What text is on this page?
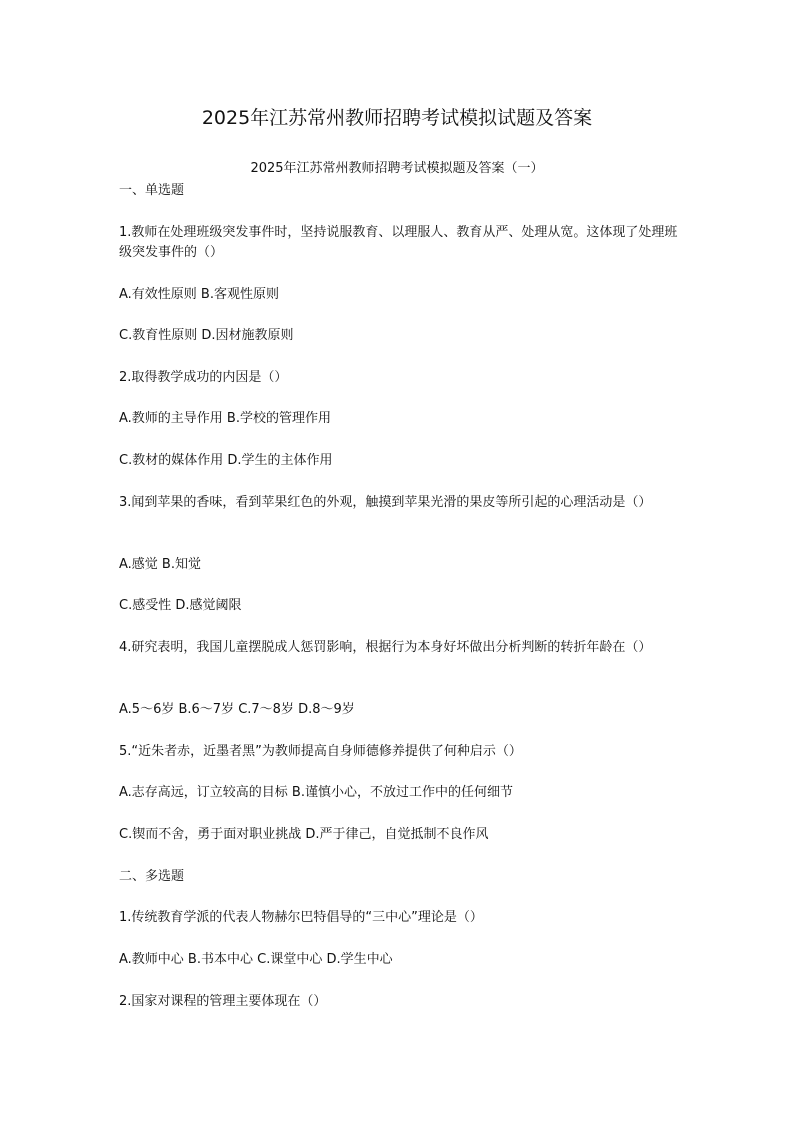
2025年江苏常州教师招聘考试模拟试题及答案
2025年江苏常州教师招聘考试模拟题及答案（一）
一、单选题
1.教师在处理班级突发事件时，坚持说服教育、以理服人、教育从严、处理从宽。这体现了处理班级突发事件的（）
A.有效性原则 B.客观性原则
C.教育性原则 D.因材施教原则
2.取得教学成功的内因是（）
A.教师的主导作用 B.学校的管理作用
C.教材的媒体作用 D.学生的主体作用
3.闻到苹果的香味，看到苹果红色的外观，触摸到苹果光滑的果皮等所引起的心理活动是（）
A.感觉 B.知觉
C.感受性 D.感觉阈限
4.研究表明，我国儿童摆脱成人惩罚影响，根据行为本身好坏做出分析判断的转折年龄在（）
A.5～6岁 B.6～7岁 C.7～8岁 D.8～9岁
5.“近朱者赤，近墨者黑”为教师提高自身师德修养提供了何种启示（）
A.志存高远，订立较高的目标 B.谨慎小心，不放过工作中的任何细节
C.锲而不舍，勇于面对职业挑战 D.严于律己，自觉抵制不良作风
二、多选题
1.传统教育学派的代表人物赫尔巴特倡导的“三中心”理论是（）
A.教师中心 B.书本中心 C.课堂中心 D.学生中心
2.国家对课程的管理主要体现在（）
